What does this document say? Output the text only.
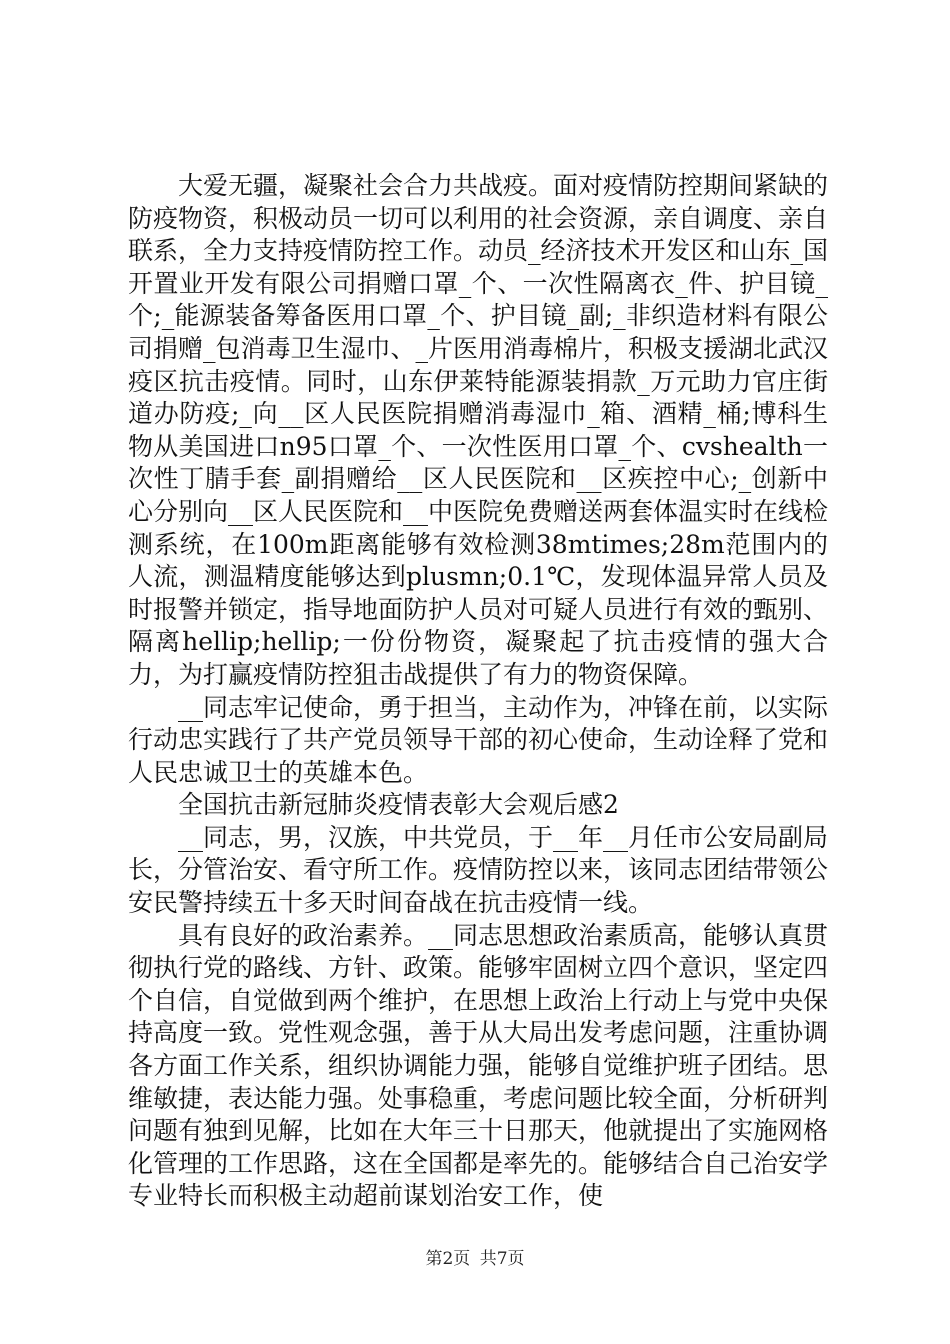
大爱无疆，凝聚社会合力共战疫。面对疫情防控期间紧缺的防疫物资，积极动员一切可以利用的社会资源，亲自调度、亲自联系，全力支持疫情防控工作。动员_经济技术开发区和山东_国开置业开发有限公司捐赠口罩_个、一次性隔离衣_件、护目镜_个;_能源装备筹备医用口罩_个、护目镜_副;_非织造材料有限公司捐赠_包消毒卫生湿巾、_片医用消毒棉片，积极支援湖北武汉疫区抗击疫情。同时，山东伊莱特能源装捐款_万元助力官庄街道办防疫;_向__区人民医院捐赠消毒湿巾_箱、酒精_桶;博科生物从美国进口n95口罩_个、一次性医用口罩_个、cvshealth一次性丁腈手套_副捐赠给__区人民医院和__区疾控中心;_创新中心分别向__区人民医院和__中医院免费赠送两套体温实时在线检测系统，在100m距离能够有效检测38mtimes;28m范围内的人流，测温精度能够达到plusmn;0.1℃，发现体温异常人员及时报警并锁定，指导地面防护人员对可疑人员进行有效的甄别、隔离hellip;hellip;一份份物资，凝聚起了抗击疫情的强大合力，为打赢疫情防控狙击战提供了有力的物资保障。

__同志牢记使命，勇于担当，主动作为，冲锋在前，以实际行动忠实践行了共产党员领导干部的初心使命，生动诠释了党和人民忠诚卫士的英雄本色。

全国抗击新冠肺炎疫情表彰大会观后感2

__同志，男，汉族，中共党员，于__年__月任市公安局副局长，分管治安、看守所工作。疫情防控以来，该同志团结带领公安民警持续五十多天时间奋战在抗击疫情一线。

具有良好的政治素养。__同志思想政治素质高，能够认真贯彻执行党的路线、方针、政策。能够牢固树立四个意识，坚定四个自信，自觉做到两个维护，在思想上政治上行动上与党中央保持高度一致。党性观念强，善于从大局出发考虑问题，注重协调各方面工作关系，组织协调能力强，能够自觉维护班子团结。思维敏捷，表达能力强。处事稳重，考虑问题比较全面，分析研判问题有独到见解，比如在大年三十日那天，他就提出了实施网格化管理的工作思路，这在全国都是率先的。能够结合自己治安学专业特长而积极主动超前谋划治安工作，使

第2页 共7页
